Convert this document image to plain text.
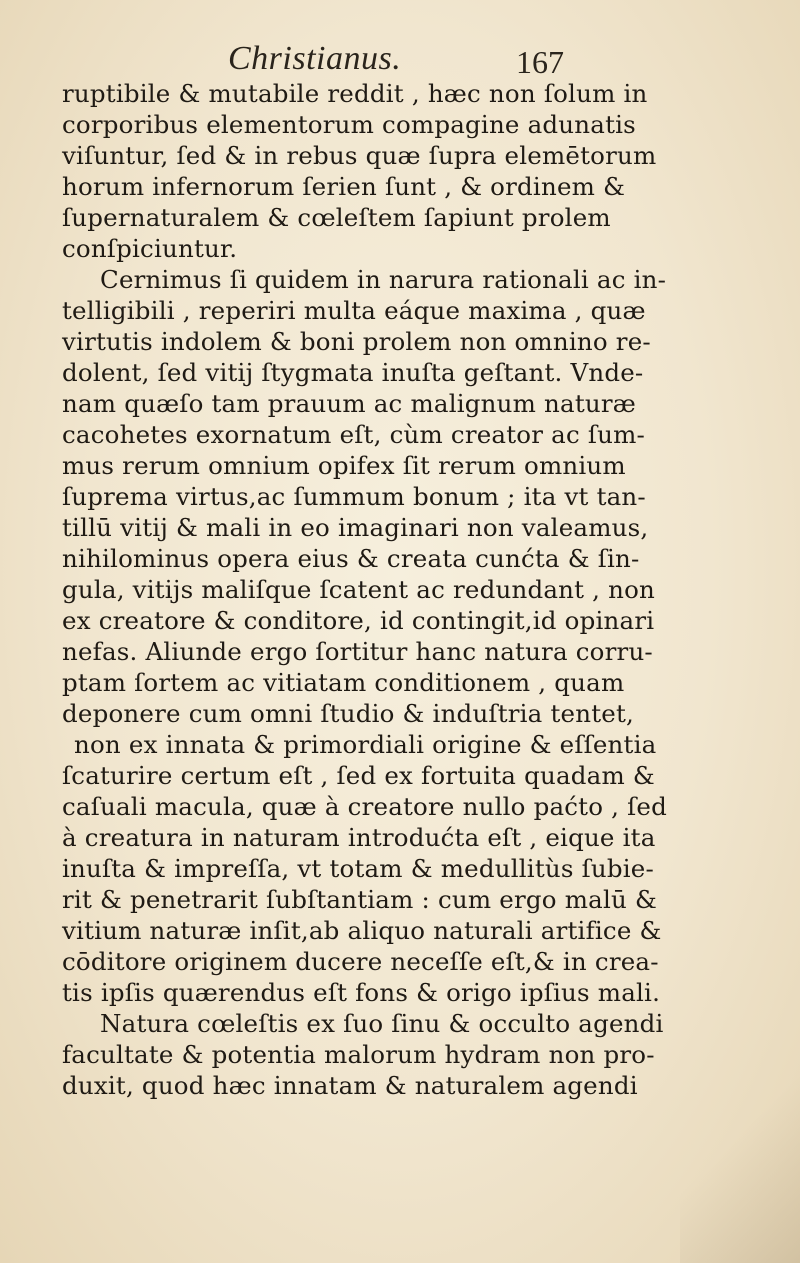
Christianus.	167
ruptibile & mutabile reddit , hæc non ſolum in
corporibus elementorum compagine adunatis
viſuntur, ſed & in rebus quæ ſupra elemētorum
horum infernorum ſerien ſunt , & ordinem &
ſupernaturalem & cœleſtem ſapiunt prolem
conſpiciuntur.
Cernimus ſi quidem in narura rationali ac in-
telligibili , reperiri multa eáque maxima , quæ
virtutis indolem & boni prolem non omnino re-
dolent, ſed vitij ſtygmata inuſta geſtant. Vnde-
nam quæſo tam prauum ac malignum naturæ
cacohetes exornatum eſt, cùm creator ac ſum-
mus rerum omnium opifex ſit rerum omnium
ſuprema virtus,ac ſummum bonum ; ita vt tan-
tillū vitij & mali in eo imaginari non valeamus,
nihilominus opera eius & creata cunćta & ſin-
gula, vitijs maliſque ſcatent ac redundant , non
ex creatore & conditore, id contingit,id opinari
nefas. Aliunde ergo ſortitur hanc natura corru-
ptam ſortem ac vitiatam conditionem , quam
deponere cum omni ſtudio & induſtria tentet,
non ex innata & primordiali origine & eſſentia
ſcaturire certum eſt , ſed ex fortuita quadam &
caſuali macula, quæ à creatore nullo paćto , ſed
à creatura in naturam introdućta eſt , eique ita
inuſta & impreſſa, vt totam & medullitùs ſubie-
rit & penetrarit ſubſtantiam : cum ergo malū &
vitium naturæ inſit,ab aliquo naturali artifice &
cōditore originem ducere neceſſe eſt,& in crea-
tis ipſis quærendus eſt fons & origo ipſius mali.
Natura cœleſtis ex ſuo ſinu & occulto agendi
facultate & potentia malorum hydram non pro-
duxit, quod hæc innatam & naturalem agendi
